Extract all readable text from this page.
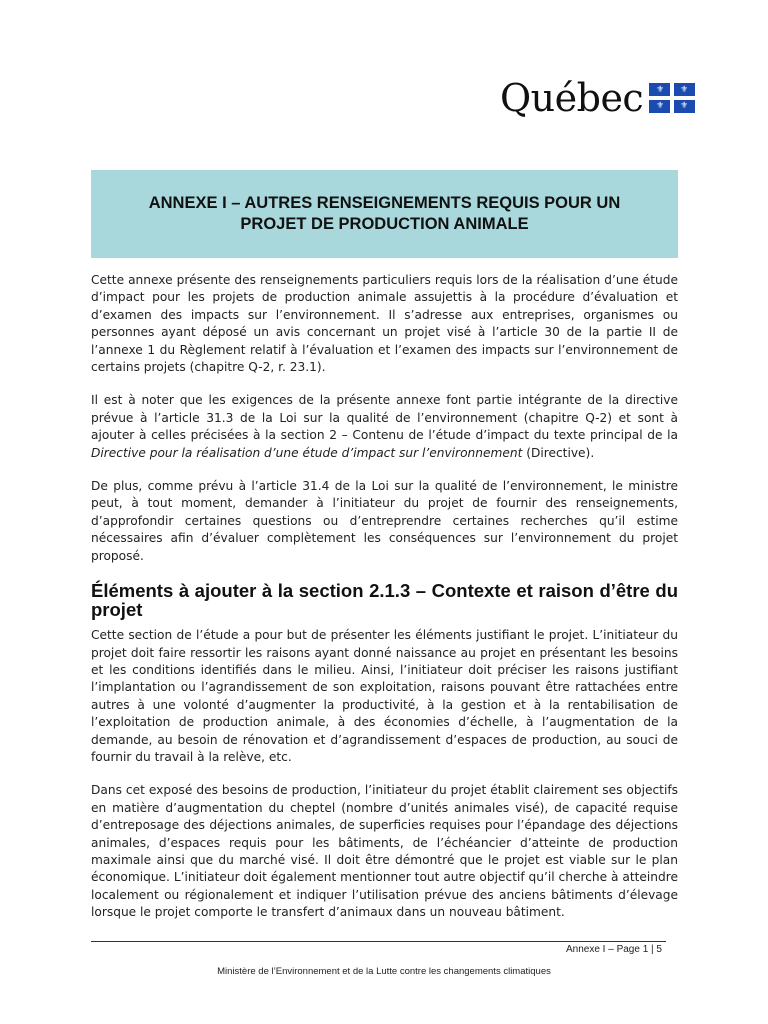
Québec ⚜ ⚜
⚜ ⚜
ANNEXE I – AUTRES RENSEIGNEMENTS REQUIS POUR UN PROJET DE PRODUCTION ANIMALE

Cette annexe présente des renseignements particuliers requis lors de la réalisation d’une étude d’impact pour les projets de production animale assujettis à la procédure d’évaluation et d’examen des impacts sur l’environnement. Il s’adresse aux entreprises, organismes ou personnes ayant déposé un avis concernant un projet visé à l’article 30 de la partie II de l’annexe 1 du Règlement relatif à l’évaluation et l’examen des impacts sur l’environnement de certains projets (chapitre Q-2, r. 23.1).

Il est à noter que les exigences de la présente annexe font partie intégrante de la directive prévue à l’article 31.3 de la Loi sur la qualité de l’environnement (chapitre Q-2) et sont à ajouter à celles précisées à la section 2 – Contenu de l’étude d’impact du texte principal de la Directive pour la réalisation d’une étude d’impact sur l’environnement (Directive).

De plus, comme prévu à l’article 31.4 de la Loi sur la qualité de l’environnement, le ministre peut, à tout moment, demander à l’initiateur du projet de fournir des renseignements, d’approfondir certaines questions ou d’entreprendre certaines recherches qu’il estime nécessaires afin d’évaluer complètement les conséquences sur l’environnement du projet proposé.

Éléments à ajouter à la section 2.1.3 – Contexte et raison d’être du projet

Cette section de l’étude a pour but de présenter les éléments justifiant le projet. L’initiateur du projet doit faire ressortir les raisons ayant donné naissance au projet en présentant les besoins et les conditions identifiés dans le milieu. Ainsi, l’initiateur doit préciser les raisons justifiant l’implantation ou l’agrandissement de son exploitation, raisons pouvant être rattachées entre autres à une volonté d’augmenter la productivité, à la gestion et à la rentabilisation de l’exploitation de production animale, à des économies d’échelle, à l’augmentation de la demande, au besoin de rénovation et d’agrandissement d’espaces de production, au souci de fournir du travail à la relève, etc.

Dans cet exposé des besoins de production, l’initiateur du projet établit clairement ses objectifs en matière d’augmentation du cheptel (nombre d’unités animales visé), de capacité requise d’entreposage des déjections animales, de superficies requises pour l’épandage des déjections animales, d’espaces requis pour les bâtiments, de l’échéancier d’atteinte de production maximale ainsi que du marché visé. Il doit être démontré que le projet est viable sur le plan économique. L’initiateur doit également mentionner tout autre objectif qu’il cherche à atteindre localement ou régionalement et indiquer l’utilisation prévue des anciens bâtiments d’élevage lorsque le projet comporte le transfert d’animaux dans un nouveau bâtiment.

Annexe I – Page 1 | 5
Ministère de l’Environnement et de la Lutte contre les changements climatiques
